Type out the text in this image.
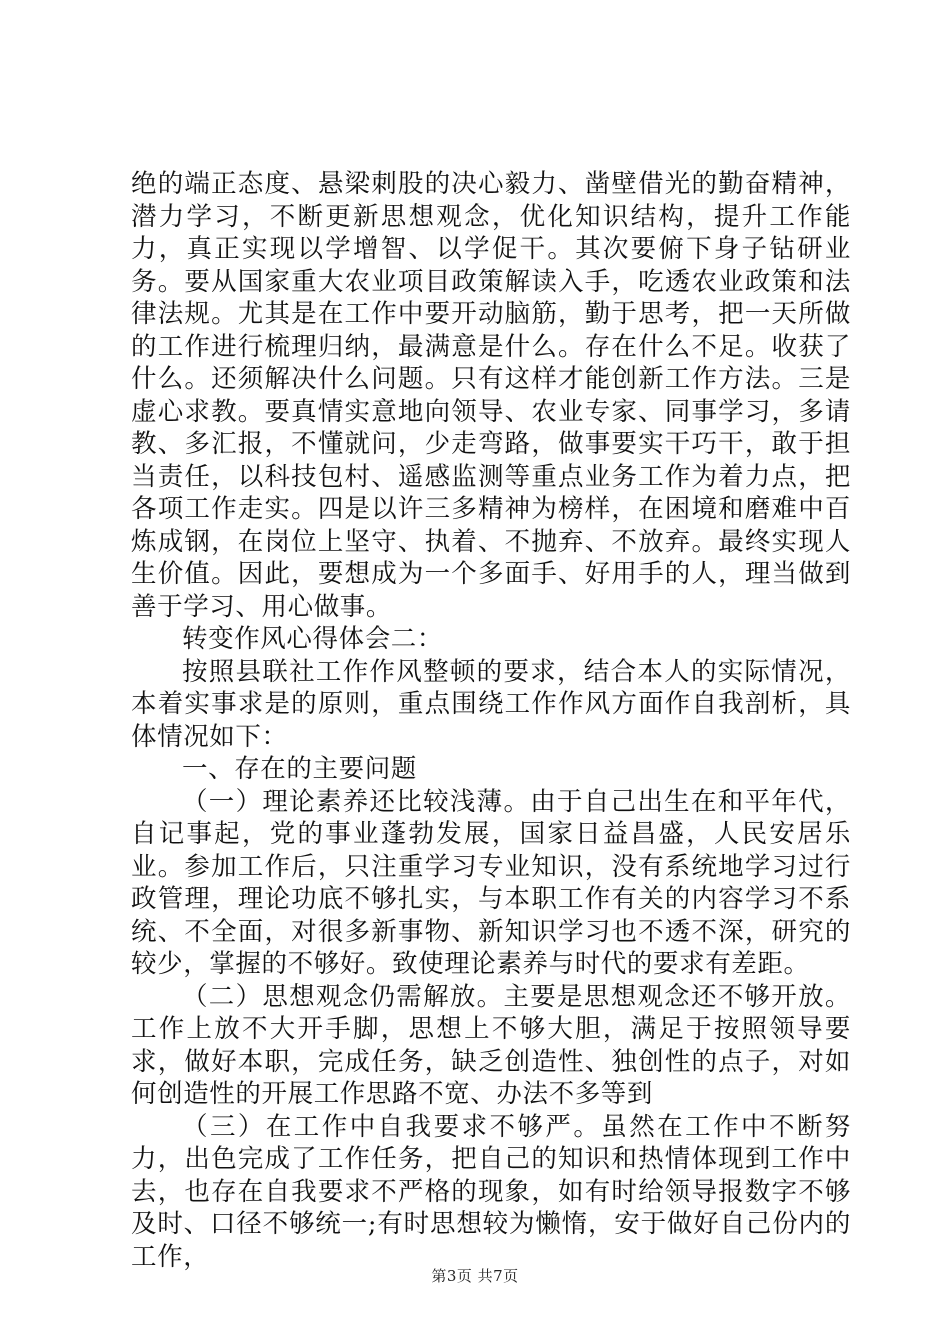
绝的端正态度、悬梁刺股的决心毅力、凿壁借光的勤奋精神，潜力学习，不断更新思想观念，优化知识结构，提升工作能力，真正实现以学增智、以学促干。其次要俯下身子钻研业务。要从国家重大农业项目政策解读入手，吃透农业政策和法律法规。尤其是在工作中要开动脑筋，勤于思考，把一天所做的工作进行梳理归纳，最满意是什么。存在什么不足。收获了什么。还须解决什么问题。只有这样才能创新工作方法。三是虚心求教。要真情实意地向领导、农业专家、同事学习，多请教、多汇报，不懂就问，少走弯路，做事要实干巧干，敢于担当责任，以科技包村、遥感监测等重点业务工作为着力点，把各项工作走实。四是以许三多精神为榜样，在困境和磨难中百炼成钢，在岗位上坚守、执着、不抛弃、不放弃。最终实现人生价值。因此，要想成为一个多面手、好用手的人，理当做到善于学习、用心做事。

转变作风心得体会二：

按照县联社工作作风整顿的要求，结合本人的实际情况，本着实事求是的原则，重点围绕工作作风方面作自我剖析，具体情况如下：

一、存在的主要问题

（一）理论素养还比较浅薄。由于自己出生在和平年代，自记事起，党的事业蓬勃发展，国家日益昌盛，人民安居乐业。参加工作后，只注重学习专业知识，没有系统地学习过行政管理，理论功底不够扎实，与本职工作有关的内容学习不系统、不全面，对很多新事物、新知识学习也不透不深，研究的较少，掌握的不够好。致使理论素养与时代的要求有差距。

（二）思想观念仍需解放。主要是思想观念还不够开放。工作上放不大开手脚，思想上不够大胆，满足于按照领导要求，做好本职，完成任务，缺乏创造性、独创性的点子，对如何创造性的开展工作思路不宽、办法不多等到

（三）在工作中自我要求不够严。虽然在工作中不断努力，出色完成了工作任务，把自己的知识和热情体现到工作中去，也存在自我要求不严格的现象，如有时给领导报数字不够及时、口径不够统一;有时思想较为懒惰，安于做好自己份内的工作，

第3页 共7页
